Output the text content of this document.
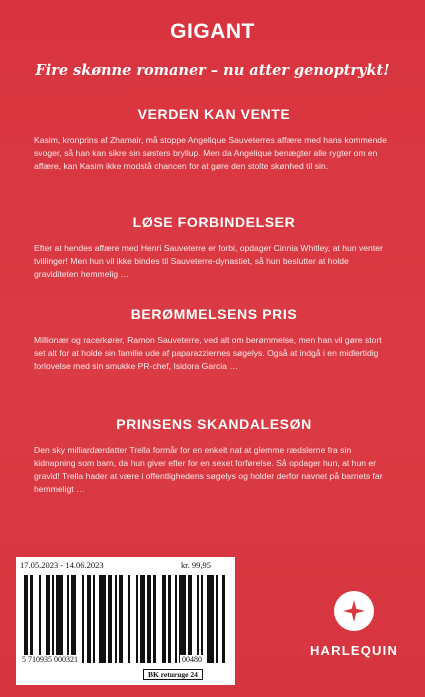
GIGANT
Fire skønne romaner – nu atter genoptrykt!
VERDEN KAN VENTE

Kasim, kronprins af Zhamair, må stoppe Angelique Sauveterres affære med hans kommende svoger, så han kan sikre sin søsters bryllup. Men da Angelique benægter alle rygter om en affære, kan Kasim ikke modstå chancen for at gøre den stolte skønhed til sin.

LØSE FORBINDELSER

Efter at hendes affære med Henri Sauveterre er forbi, opdager Cinnia Whitley, at hun venter tvillinger! Men hun vil ikke bindes til Sauveterre-dynastiet, så hun beslutter at holde graviditeten hemmelig …

BERØMMELSENS PRIS

Millionær og racerkører, Ramon Sauveterre, ved alt om berømmelse, men han vil gøre stort set alt for at holde sin familie ude af paparazziernes søgelys. Også at indgå i en midlertidig forlovelse med sin smukke PR-chef, Isidora Garcia …

PRINSENS SKANDALESØN

Den sky milliardærdatter Trella formår for en enkelt nat at glemme rædslerne fra sin kidnapning som barn, da hun giver efter for en sexet forførelse. Så opdager hun, at hun er gravid! Trella hader at være i offentlighedens søgelys og holder derfor navnet på barnets far hemmeligt …

17.05.2023 - 14.06.2023	kr. 99,95
5 710935 000321	00480
BK returuge 24
HARLEQUIN
